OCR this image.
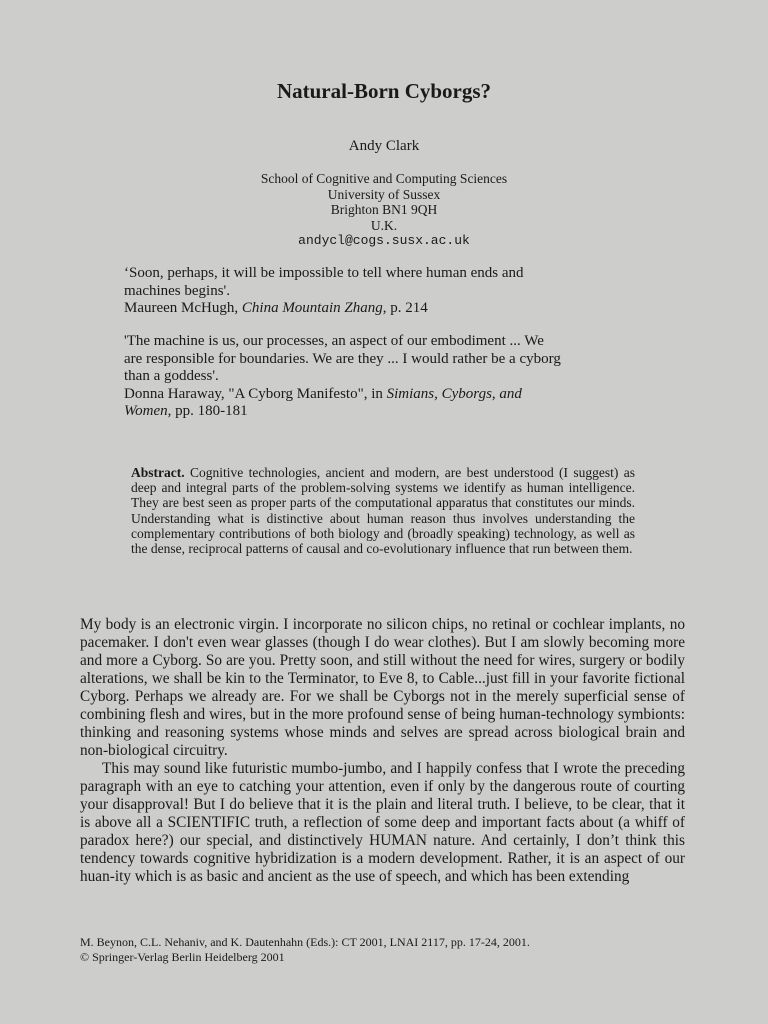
Natural-Born Cyborgs?
Andy Clark
School of Cognitive and Computing Sciences
University of Sussex
Brighton BN1 9QH
U.K.
andycl@cogs.susx.ac.uk
‘Soon, perhaps, it will be impossible to tell where human ends and
machines begins'.
Maureen McHugh, China Mountain Zhang, p. 214
'The machine is us, our processes, an aspect of our embodiment ... We
are responsible for boundaries. We are they ... I would rather be a cyborg
than a goddess'.
Donna Haraway, "A Cyborg Manifesto", in Simians, Cyborgs, and
Women, pp. 180-181
Abstract. Cognitive technologies, ancient and modern, are best understood (I suggest) as deep and integral parts of the problem-solving systems we identify as human intelligence. They are best seen as proper parts of the computational apparatus that constitutes our minds. Understanding what is distinctive about human reason thus involves understanding the complementary contributions of both biology and (broadly speaking) technology, as well as the dense, reciprocal patterns of causal and co-evolutionary influence that run between them.

My body is an electronic virgin. I incorporate no silicon chips, no retinal or cochlear implants, no pacemaker. I don't even wear glasses (though I do wear clothes). But I am slowly becoming more and more a Cyborg. So are you. Pretty soon, and still without the need for wires, surgery or bodily alterations, we shall be kin to the Terminator, to Eve 8, to Cable...just fill in your favorite fictional Cyborg. Perhaps we already are. For we shall be Cyborgs not in the merely superficial sense of combining flesh and wires, but in the more profound sense of being human-technology symbionts: thinking and reasoning systems whose minds and selves are spread across biological brain and non-biological circuitry.

This may sound like futuristic mumbo-jumbo, and I happily confess that I wrote the preceding paragraph with an eye to catching your attention, even if only by the dangerous route of courting your disapproval! But I do believe that it is the plain and literal truth. I believe, to be clear, that it is above all a SCIENTIFIC truth, a reflection of some deep and important facts about (a whiff of paradox here?) our special, and distinctively HUMAN nature. And certainly, I don’t think this tendency towards cognitive hybridization is a modern development. Rather, it is an aspect of our huan-ity which is as basic and ancient as the use of speech, and which has been extending

M. Beynon, C.L. Nehaniv, and K. Dautenhahn (Eds.): CT 2001, LNAI 2117, pp. 17-24, 2001.
© Springer-Verlag Berlin Heidelberg 2001
